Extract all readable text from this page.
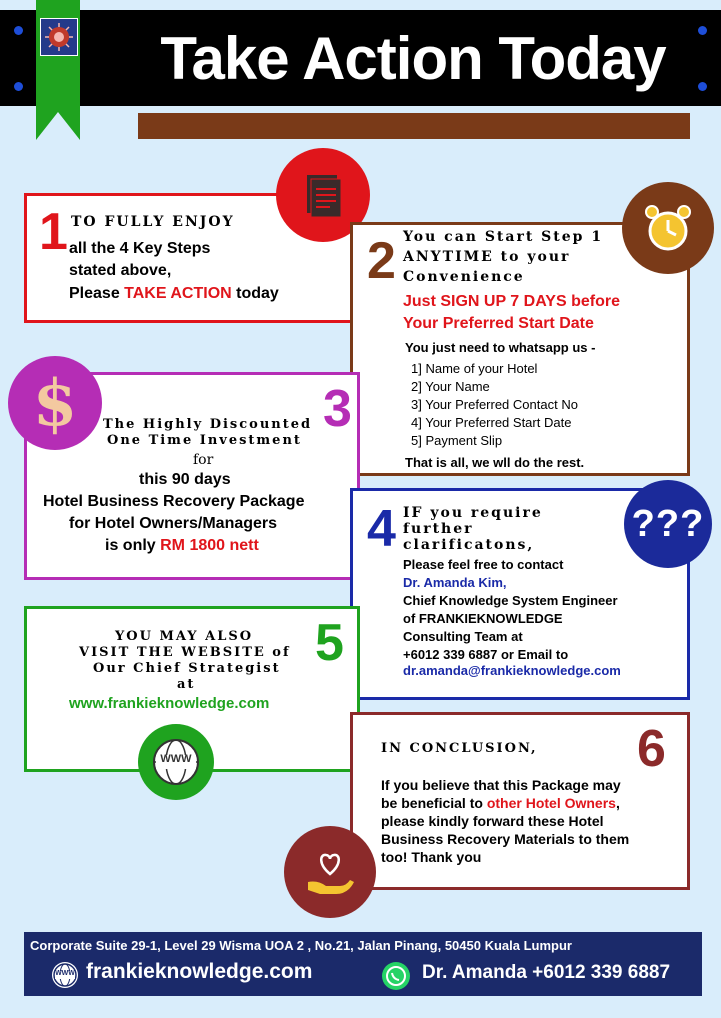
Take Action Today
1 TO FULLY ENJOY
all the 4 Key Steps
stated above,
Please TAKE ACTION today
2 You can Start Step 1
ANYTIME to your
Convenience
Just SIGN UP 7 DAYS before
Your Preferred Start Date
You just need to whatsapp us -
1] Name of your Hotel
2] Your Name
3] Your Preferred Contact No
4] Your Preferred Start Date
5] Payment Slip
That is all, we wll do the rest.
3
The Highly Discounted
One Time Investment
for
this 90 days
Hotel Business Recovery Package
for Hotel Owners/Managers
is only RM 1800 nett
$
4 IF you require
further
clarificatons,
Please feel free to contact
Dr. Amanda Kim,
Chief Knowledge System Engineer
of FRANKIEKNOWLEDGE
Consulting Team at
+6012 339 6887 or Email to
dr.amanda@frankieknowledge.com
???
5
YOU MAY ALSO
VISIT THE WEBSITE of
Our Chief Strategist
at
www.frankieknowledge.com
WWW	6
IN CONCLUSION,
If you believe that this Package may
be beneficial to other Hotel Owners,
please kindly forward these Hotel
Business Recovery Materials to them
too! Thank you
Corporate Suite 29-1, Level 29 Wisma UOA 2 , No.21, Jalan Pinang, 50450 Kuala Lumpur
WWW frankieknowledge.com	Dr. Amanda +6012 339 6887
